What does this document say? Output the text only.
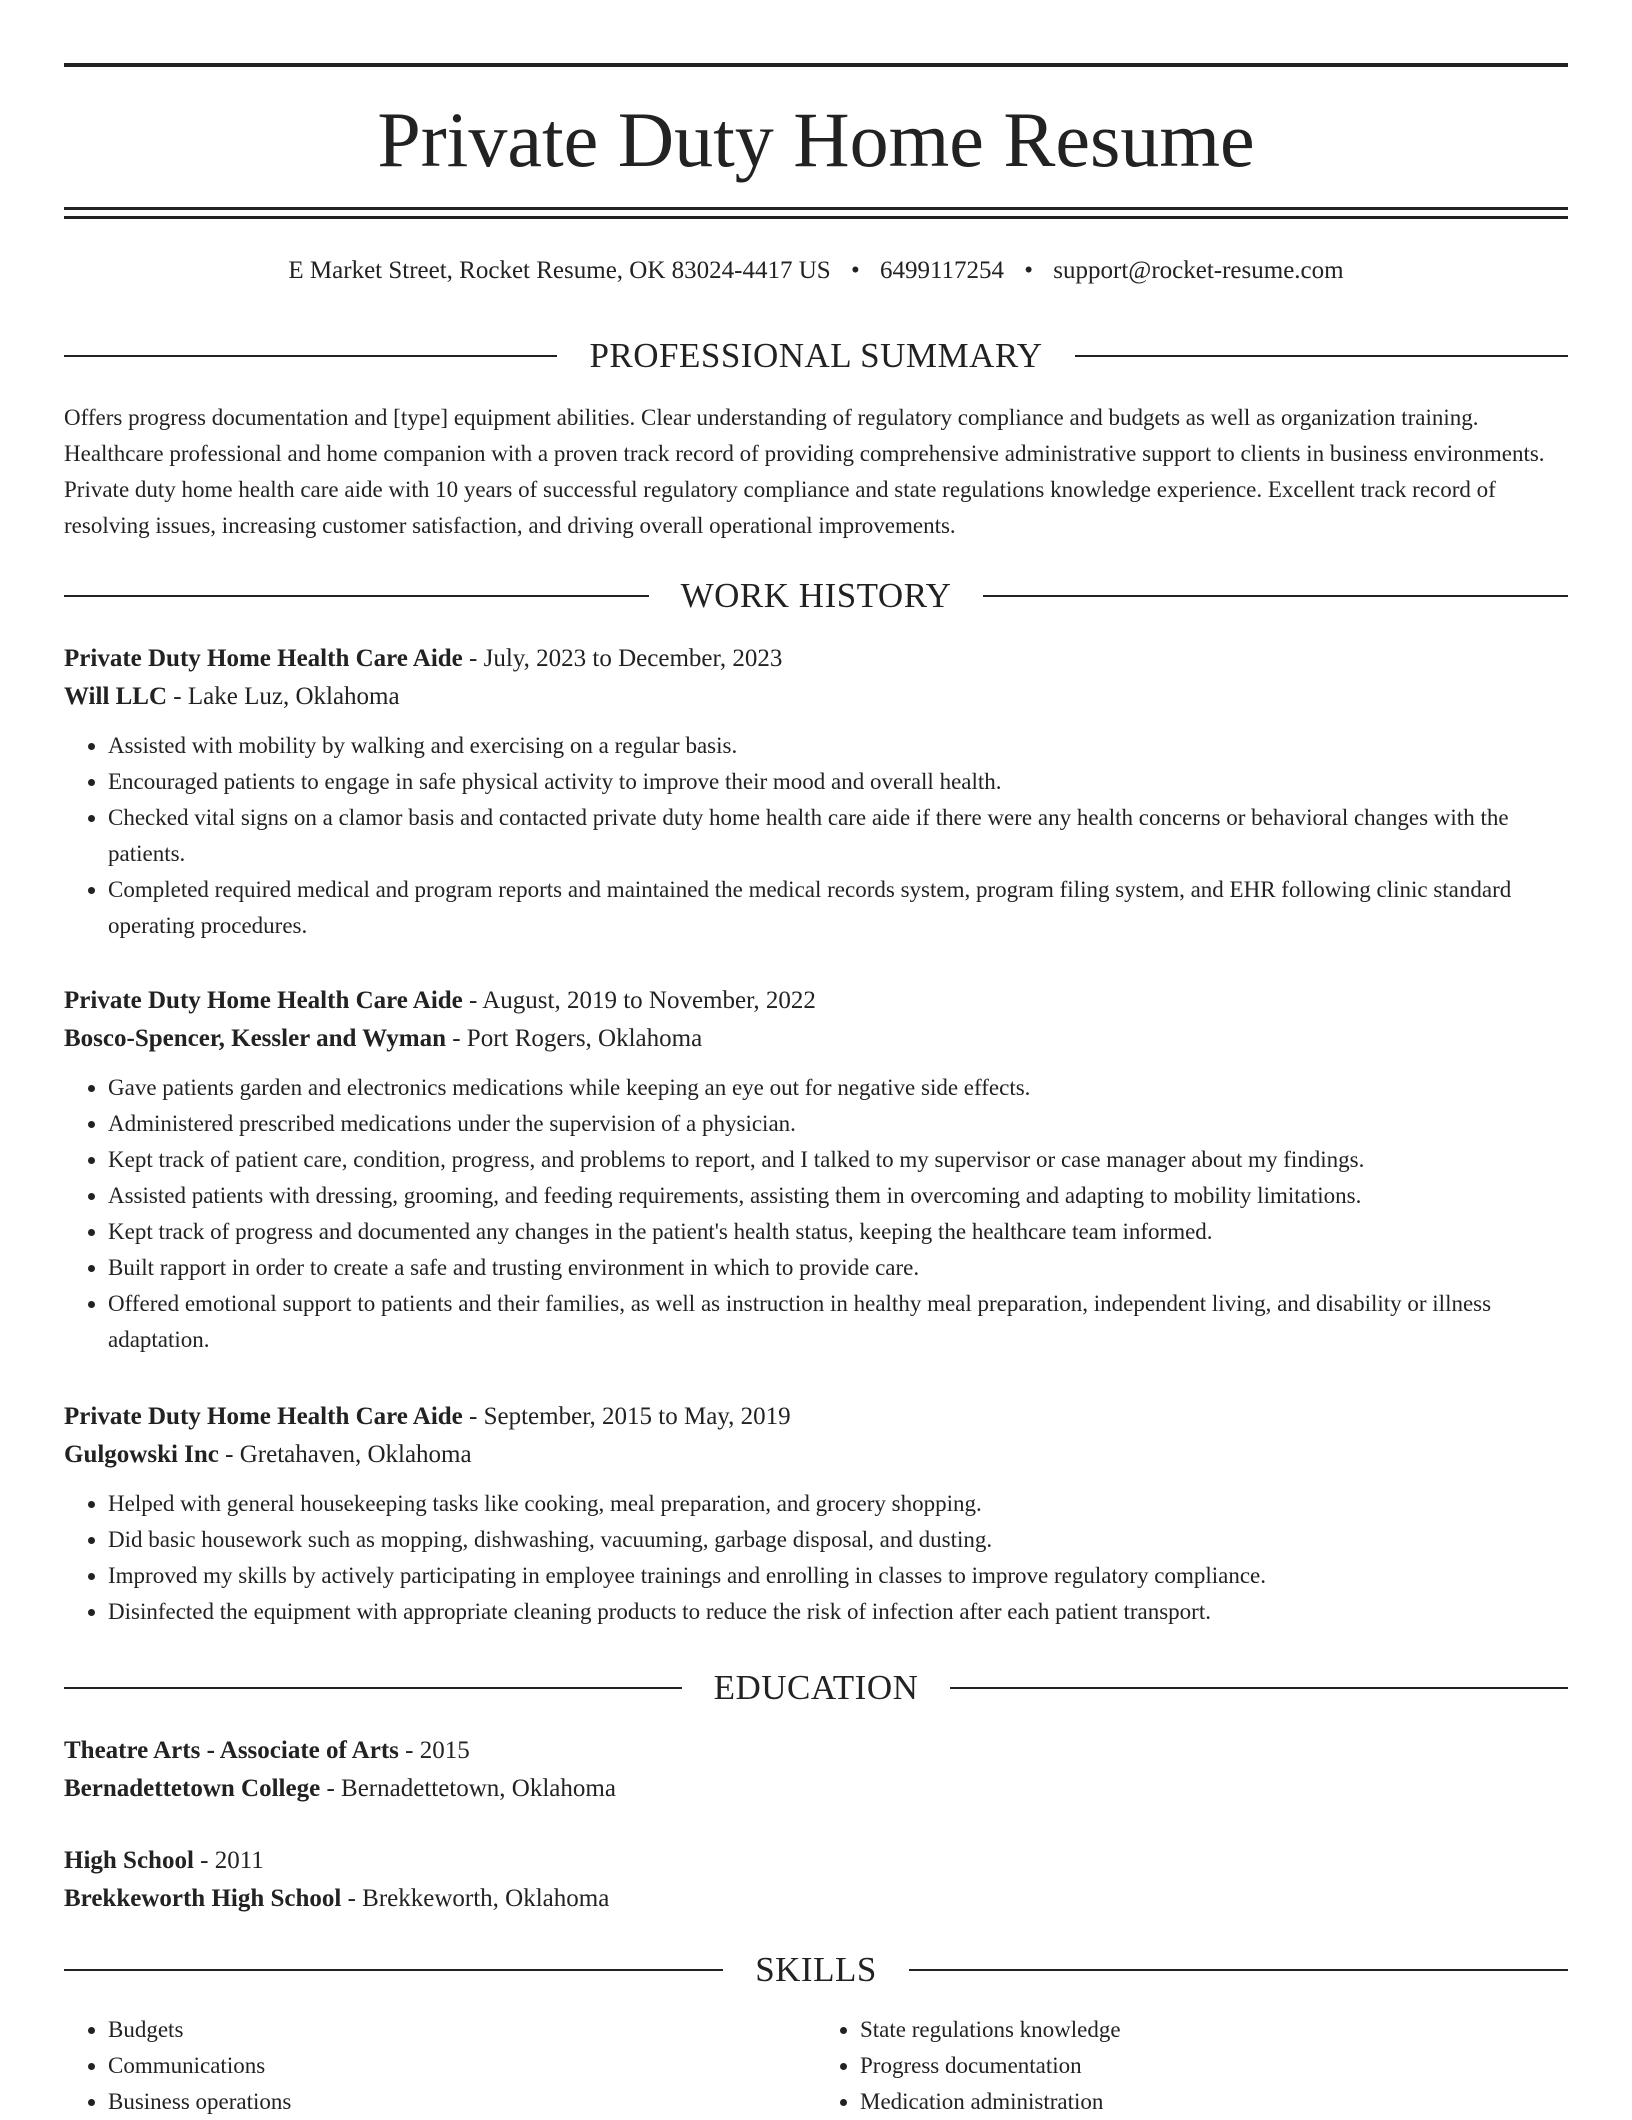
Private Duty Home Resume
E Market Street, Rocket Resume, OK 83024-4417 US • 6499117254 • support@rocket-resume.com
PROFESSIONAL SUMMARY

Offers progress documentation and [type] equipment abilities. Clear understanding of regulatory compliance and budgets as well as organization training. Healthcare professional and home companion with a proven track record of providing comprehensive administrative support to clients in business environments. Private duty home health care aide with 10 years of successful regulatory compliance and state regulations knowledge experience. Excellent track record of resolving issues, increasing customer satisfaction, and driving overall operational improvements.

WORK HISTORY
Private Duty Home Health Care Aide - July, 2023 to December, 2023
Will LLC - Lake Luz, Oklahoma
• Assisted with mobility by walking and exercising on a regular basis.
• Encouraged patients to engage in safe physical activity to improve their mood and overall health.
• Checked vital signs on a clamor basis and contacted private duty home health care aide if there were any health concerns or behavioral changes with the patients.
• Completed required medical and program reports and maintained the medical records system, program filing system, and EHR following clinic standard operating procedures.
Private Duty Home Health Care Aide - August, 2019 to November, 2022
Bosco-Spencer, Kessler and Wyman - Port Rogers, Oklahoma
• Gave patients garden and electronics medications while keeping an eye out for negative side effects.
• Administered prescribed medications under the supervision of a physician.
• Kept track of patient care, condition, progress, and problems to report, and I talked to my supervisor or case manager about my findings.
• Assisted patients with dressing, grooming, and feeding requirements, assisting them in overcoming and adapting to mobility limitations.
• Kept track of progress and documented any changes in the patient's health status, keeping the healthcare team informed.
• Built rapport in order to create a safe and trusting environment in which to provide care.
• Offered emotional support to patients and their families, as well as instruction in healthy meal preparation, independent living, and disability or illness adaptation.
Private Duty Home Health Care Aide - September, 2015 to May, 2019
Gulgowski Inc - Gretahaven, Oklahoma
• Helped with general housekeeping tasks like cooking, meal preparation, and grocery shopping.
• Did basic housework such as mopping, dishwashing, vacuuming, garbage disposal, and dusting.
• Improved my skills by actively participating in employee trainings and enrolling in classes to improve regulatory compliance.
• Disinfected the equipment with appropriate cleaning products to reduce the risk of infection after each patient transport.
EDUCATION
Theatre Arts - Associate of Arts - 2015
Bernadettetown College - Bernadettetown, Oklahoma
High School - 2011
Brekkeworth High School - Brekkeworth, Oklahoma
SKILLS
• Budgets
• Communications
• Business operations
• State regulations knowledge
• Progress documentation
• Medication administration
